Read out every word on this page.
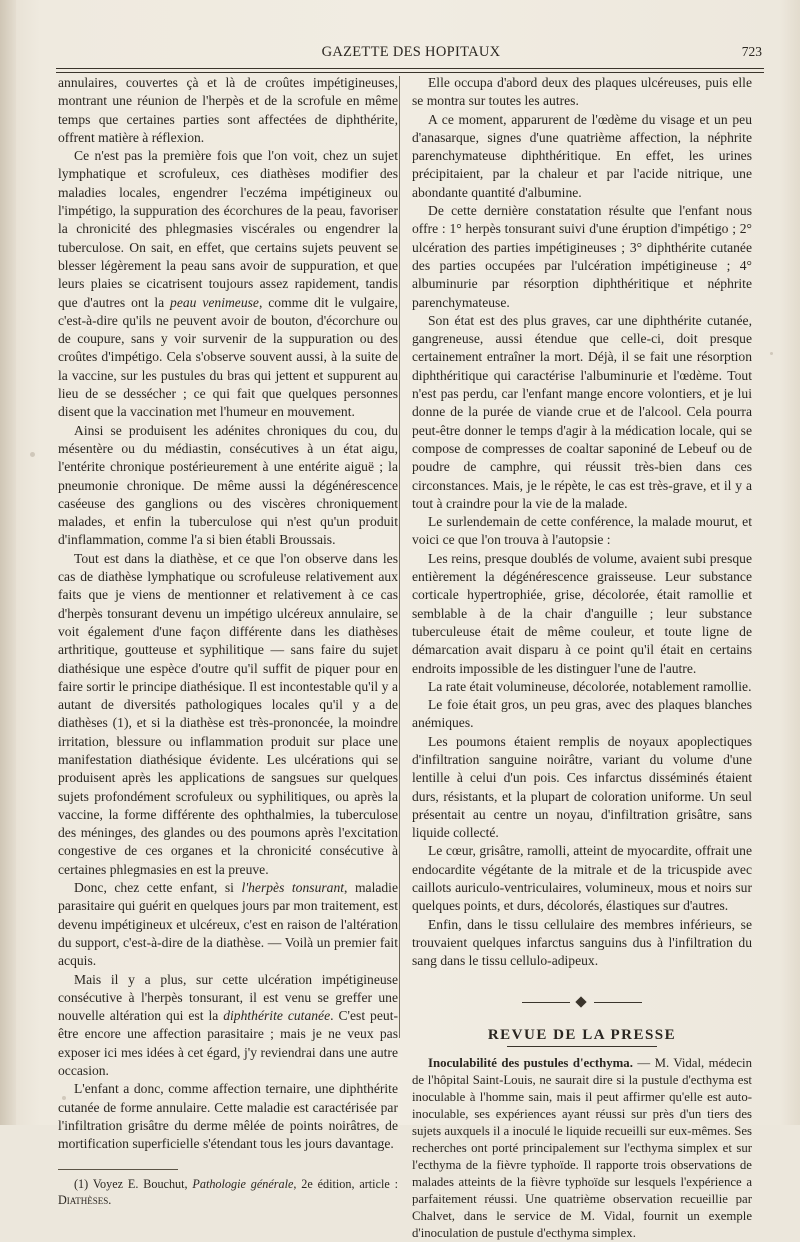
GAZETTE DES HOPITAUX	723

annulaires, couvertes çà et là de croûtes impétigineuses, montrant une réunion de l'herpès et de la scrofule en même temps que certaines parties sont affectées de diphthérite, offrent matière à réflexion.

Ce n'est pas la première fois que l'on voit, chez un sujet lymphatique et scrofuleux, ces diathèses modifier des maladies locales, engendrer l'eczéma impétigineux ou l'impétigo, la suppuration des écorchures de la peau, favoriser la chronicité des phlegmasies viscérales ou engendrer la tuberculose. On sait, en effet, que certains sujets peuvent se blesser légèrement la peau sans avoir de suppuration, et que leurs plaies se cicatrisent toujours assez rapidement, tandis que d'autres ont la peau venimeuse, comme dit le vulgaire, c'est-à-dire qu'ils ne peuvent avoir de bouton, d'écorchure ou de coupure, sans y voir survenir de la suppuration ou des croûtes d'impétigo. Cela s'observe souvent aussi, à la suite de la vaccine, sur les pustules du bras qui jettent et suppurent au lieu de se dessécher ; ce qui fait que quelques personnes disent que la vaccination met l'humeur en mouvement.

Ainsi se produisent les adénites chroniques du cou, du mésentère ou du médiastin, consécutives à un état aigu, l'entérite chronique postérieurement à une entérite aiguë ; la pneumonie chronique. De même aussi la dégénérescence caséeuse des ganglions ou des viscères chroniquement malades, et enfin la tuberculose qui n'est qu'un produit d'inflammation, comme l'a si bien établi Broussais.

Tout est dans la diathèse, et ce que l'on observe dans les cas de diathèse lymphatique ou scrofuleuse relativement aux faits que je viens de mentionner et relativement à ce cas d'herpès tonsurant devenu un impétigo ulcéreux annulaire, se voit également d'une façon différente dans les diathèses arthritique, goutteuse et syphilitique — sans faire du sujet diathésique une espèce d'outre qu'il suffit de piquer pour en faire sortir le principe diathésique. Il est incontestable qu'il y a autant de diversités pathologiques locales qu'il y a de diathèses (1), et si la diathèse est très-prononcée, la moindre irritation, blessure ou inflammation produit sur place une manifestation diathésique évidente. Les ulcérations qui se produisent après les applications de sangsues sur quelques sujets profondément scrofuleux ou syphilitiques, ou après la vaccine, la forme différente des ophthalmies, la tuberculose des méninges, des glandes ou des poumons après l'excitation congestive de ces organes et la chronicité consécutive à certaines phlegmasies en est la preuve.

Donc, chez cette enfant, si l'herpès tonsurant, maladie parasitaire qui guérit en quelques jours par mon traitement, est devenu impétigineux et ulcéreux, c'est en raison de l'altération du support, c'est-à-dire de la diathèse. — Voilà un premier fait acquis.

Mais il y a plus, sur cette ulcération impétigineuse consécutive à l'herpès tonsurant, il est venu se greffer une nouvelle altération qui est la diphthérite cutanée. C'est peut-être encore une affection parasitaire ; mais je ne veux pas exposer ici mes idées à cet égard, j'y reviendrai dans une autre occasion.

L'enfant a donc, comme affection ternaire, une diphthérite cutanée de forme annulaire. Cette maladie est caractérisée par l'infiltration grisâtre du derme mêlée de points noirâtres, de mortification superficielle s'étendant tous les jours davantage.

(1) Voyez E. Bouchut, Pathologie générale, 2e édition, article : Diathèses.

Elle occupa d'abord deux des plaques ulcéreuses, puis elle se montra sur toutes les autres.

A ce moment, apparurent de l'œdème du visage et un peu d'anasarque, signes d'une quatrième affection, la néphrite parenchymateuse diphthéritique. En effet, les urines précipitaient, par la chaleur et par l'acide nitrique, une abondante quantité d'albumine.

De cette dernière constatation résulte que l'enfant nous offre : 1° herpès tonsurant suivi d'une éruption d'impétigo ; 2° ulcération des parties impétigineuses ; 3° diphthérite cutanée des parties occupées par l'ulcération impétigineuse ; 4° albuminurie par résorption diphthéritique et néphrite parenchymateuse.

Son état est des plus graves, car une diphthérite cutanée, gangreneuse, aussi étendue que celle-ci, doit presque certainement entraîner la mort. Déjà, il se fait une résorption diphthéritique qui caractérise l'albuminurie et l'œdème. Tout n'est pas perdu, car l'enfant mange encore volontiers, et je lui donne de la purée de viande crue et de l'alcool. Cela pourra peut-être donner le temps d'agir à la médication locale, qui se compose de compresses de coaltar saponiné de Lebeuf ou de poudre de camphre, qui réussit très-bien dans ces circonstances. Mais, je le répète, le cas est très-grave, et il y a tout à craindre pour la vie de la malade.

Le surlendemain de cette conférence, la malade mourut, et voici ce que l'on trouva à l'autopsie :

Les reins, presque doublés de volume, avaient subi presque entièrement la dégénérescence graisseuse. Leur substance corticale hypertrophiée, grise, décolorée, était ramollie et semblable à de la chair d'anguille ; leur substance tuberculeuse était de même couleur, et toute ligne de démarcation avait disparu à ce point qu'il était en certains endroits impossible de les distinguer l'une de l'autre.

La rate était volumineuse, décolorée, notablement ramollie.

Le foie était gros, un peu gras, avec des plaques blanches anémiques.

Les poumons étaient remplis de noyaux apoplectiques d'infiltration sanguine noirâtre, variant du volume d'une lentille à celui d'un pois. Ces infarctus disséminés étaient durs, résistants, et la plupart de coloration uniforme. Un seul présentait au centre un noyau, d'infiltration grisâtre, sans liquide collecté.

Le cœur, grisâtre, ramolli, atteint de myocardite, offrait une endocardite végétante de la mitrale et de la tricuspide avec caillots auriculo-ventriculaires, volumineux, mous et noirs sur quelques points, et durs, décolorés, élastiques sur d'autres.

Enfin, dans le tissu cellulaire des membres inférieurs, se trouvaient quelques infarctus sanguins dus à l'infiltration du sang dans le tissu cellulo-adipeux.

REVUE DE LA PRESSE

Inoculabilité des pustules d'ecthyma. — M. Vidal, médecin de l'hôpital Saint-Louis, ne saurait dire si la pustule d'ecthyma est inoculable à l'homme sain, mais il peut affirmer qu'elle est auto-inoculable, ses expériences ayant réussi sur près d'un tiers des sujets auxquels il a inoculé le liquide recueilli sur eux-mêmes. Ses recherches ont porté principalement sur l'ecthyma simplex et sur l'ecthyma de la fièvre typhoïde. Il rapporte trois observations de malades atteints de la fièvre typhoïde sur lesquels l'expérience a parfaitement réussi. Une quatrième observation recueillie par Chalvet, dans le service de M. Vidal, fournit un exemple d'inoculation de pustule d'ecthyma simplex.
